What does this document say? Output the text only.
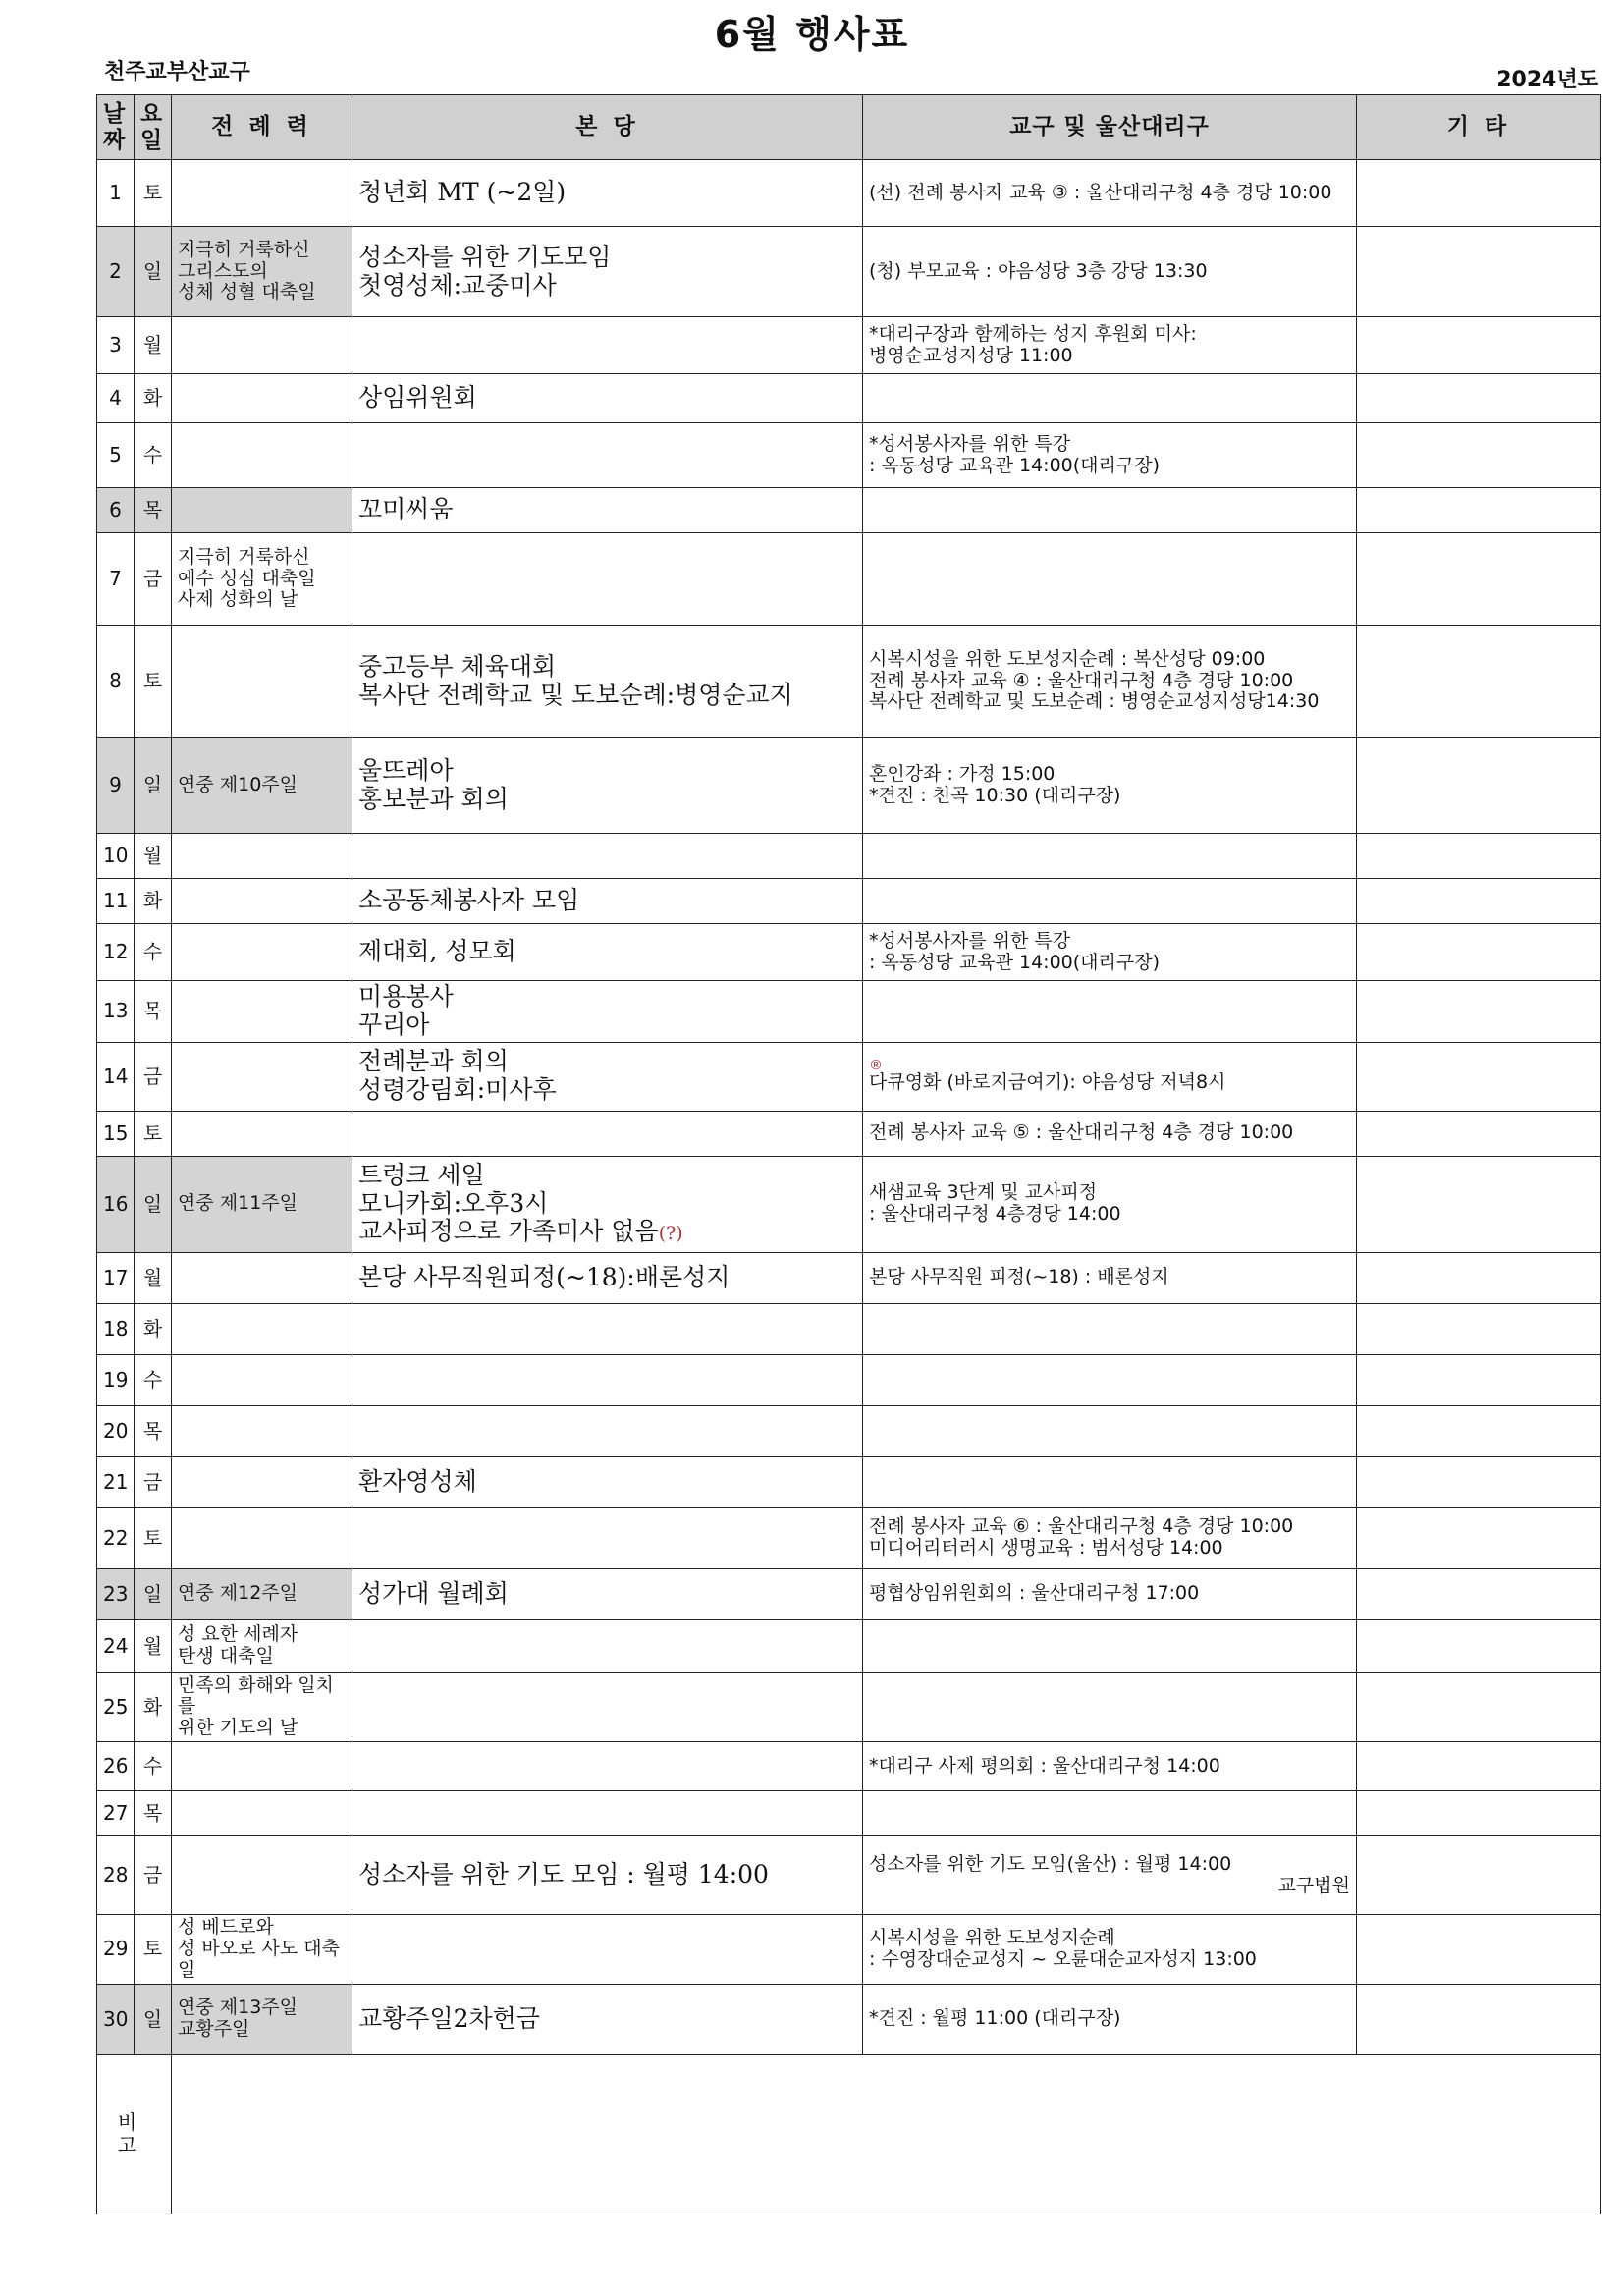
6월 행사표
천주교부산교구	2024년도
날
짜	요
일	전 례 력	본 당	교구 및 울산대리구	기 타
1	토		청년회 MT (~2일)	(선) 전례 봉사자 교육 ③ : 울산대리구청 4층 경당 10:00	
2	일	지극히 거룩하신
그리스도의
성체 성혈 대축일	성소자를 위한 기도모임
첫영성체:교중미사	(청) 부모교육 : 야음성당 3층 강당 13:30	
3	월			*대리구장과 함께하는 성지 후원회 미사:
병영순교성지성당 11:00	
4	화		상임위원회		
5	수			*성서봉사자를 위한 특강
: 옥동성당 교육관 14:00(대리구장)	
6	목		꼬미씨움		
7	금	지극히 거룩하신
예수 성심 대축일
사제 성화의 날			
8	토		중고등부 체육대회
복사단 전례학교 및 도보순례:병영순교지	시복시성을 위한 도보성지순례 : 복산성당 09:00
전례 봉사자 교육 ④ : 울산대리구청 4층 경당 10:00
복사단 전례학교 및 도보순례 : 병영순교성지성당14:30	
9	일	연중 제10주일	울뜨레아
홍보분과 회의	혼인강좌 : 가정 15:00
*견진 : 천곡 10:30 (대리구장)	
10	월				
11	화		소공동체봉사자 모임		
12	수		제대회, 성모회	*성서봉사자를 위한 특강
: 옥동성당 교육관 14:00(대리구장)	
13	목		미용봉사
꾸리아		
14	금		전례분과 회의
성령강림회:미사후	®
다큐영화 (바로지금여기): 야음성당 저녁8시	
15	토			전례 봉사자 교육 ⑤ : 울산대리구청 4층 경당 10:00	
16	일	연중 제11주일	트렁크 세일
모니카회:오후3시
교사피정으로 가족미사 없음(?)	새샘교육 3단계 및 교사피정
: 울산대리구청 4층경당 14:00	
17	월		본당 사무직원피정(~18):배론성지	본당 사무직원 피정(~18) : 배론성지	
18	화				
19	수				
20	목				
21	금		환자영성체		
22	토			전례 봉사자 교육 ⑥ : 울산대리구청 4층 경당 10:00
미디어리터러시 생명교육 : 범서성당 14:00	
23	일	연중 제12주일	성가대 월례회	평협상임위원회의 : 울산대리구청 17:00	
24	월	성 요한 세례자
탄생 대축일			
25	화	민족의 화해와 일치를
위한 기도의 날			
26	수			*대리구 사제 평의회 : 울산대리구청 14:00	
27	목				
28	금		성소자를 위한 기도 모임 : 월평 14:00	성소자를 위한 기도 모임(울산) : 월평 14:00
교구법원	

29	토	성 베드로와
성 바오로 사도 대축일		시복시성을 위한 도보성지순례
: 수영장대순교성지 ~ 오륜대순교자성지 13:00	
30	일	연중 제13주일
교황주일	교황주일2차헌금	*견진 : 월평 11:00 (대리구장)	
비 고					
